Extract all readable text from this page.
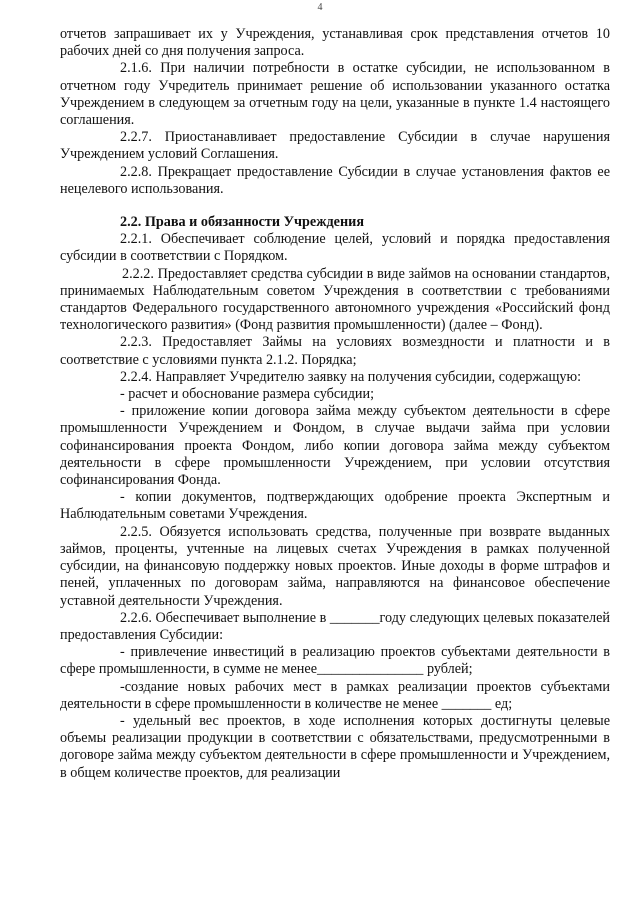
4

отчетов запрашивает их у Учреждения, устанавливая срок представления отчетов 10 рабочих дней со дня получения запроса.

2.1.6. При наличии потребности в остатке субсидии, не использованном в отчетном году Учредитель принимает решение об использовании указанного остатка Учреждением в следующем за отчетным году на цели, указанные в пункте 1.4 настоящего соглашения.

2.2.7. Приостанавливает предоставление Субсидии в случае нарушения Учреждением условий Соглашения.

2.2.8. Прекращает предоставление Субсидии в случае установления фактов ее нецелевого использования.

2.2. Права и обязанности Учреждения

2.2.1. Обеспечивает соблюдение целей, условий и порядка предоставления субсидии в соответствии с Порядком.

2.2.2. Предоставляет средства субсидии в виде займов на основании стандартов, принимаемых Наблюдательным советом Учреждения в соответствии с требованиями стандартов Федерального государственного автономного учреждения «Российский фонд технологического развития» (Фонд развития промышленности) (далее – Фонд).

2.2.3. Предоставляет Займы на условиях возмездности и платности и в соответствие с условиями пункта 2.1.2. Порядка;

2.2.4. Направляет Учредителю заявку на получения субсидии, содержащую:

- расчет и обоснование размера субсидии;

- приложение копии договора займа между субъектом деятельности в сфере промышленности Учреждением и Фондом, в случае выдачи займа при условии софинансирования проекта Фондом, либо копии договора займа между субъектом деятельности в сфере промышленности Учреждением, при условии отсутствия софинансирования Фонда.

- копии документов, подтверждающих одобрение проекта Экспертным и Наблюдательным советами Учреждения.

2.2.5. Обязуется использовать средства, полученные при возврате выданных займов, проценты, учтенные на лицевых счетах Учреждения в рамках полученной субсидии, на финансовую поддержку новых проектов. Иные доходы в форме штрафов и пеней, уплаченных по договорам займа, направляются на финансовое обеспечение уставной деятельности Учреждения.

2.2.6. Обеспечивает выполнение в _______году следующих целевых показателей предоставления Субсидии:

- привлечение инвестиций в реализацию проектов субъектами деятельности в сфере промышленности, в сумме не менее_______________ рублей;

-создание новых рабочих мест в рамках реализации проектов субъектами деятельности в сфере промышленности в количестве не менее _______ ед;

- удельный вес проектов, в ходе исполнения которых достигнуты целевые объемы реализации продукции в соответствии с обязательствами, предусмотренными в договоре займа между субъектом деятельности в сфере промышленности и Учреждением, в общем количестве проектов, для реализации
